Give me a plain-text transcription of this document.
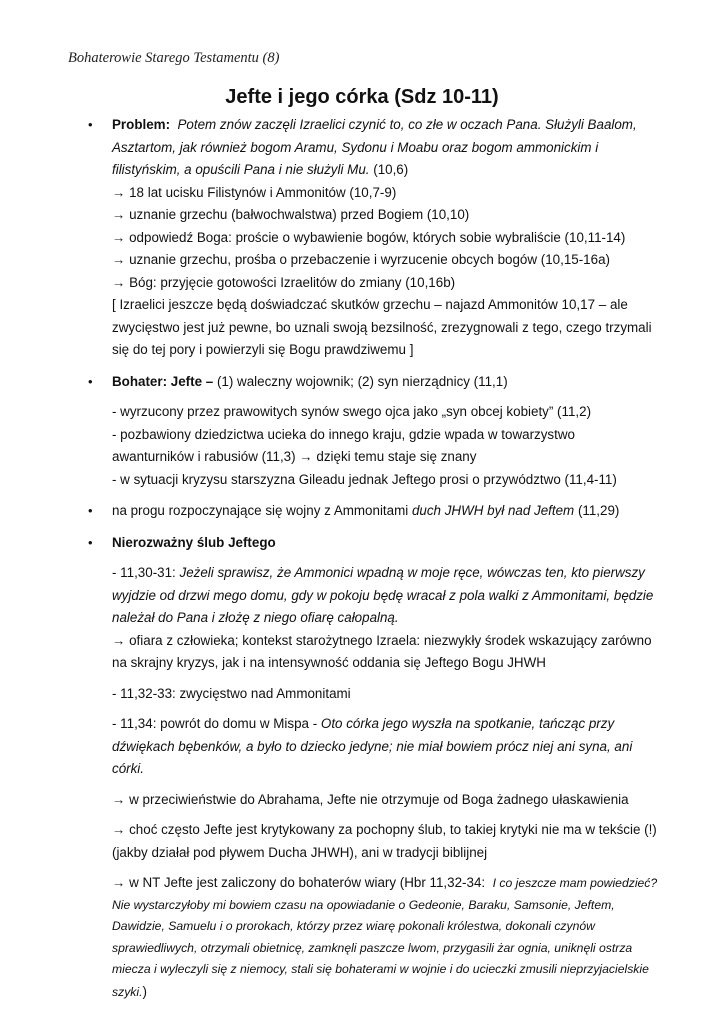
Bohaterowie Starego Testamentu (8)
Jefte i jego córka (Sdz 10-11)
• Problem: Potem znów zaczęli Izraelici czynić to, co złe w oczach Pana. Służyli Baalom,
Asztartom, jak również bogom Aramu, Sydonu i Moabu oraz bogom ammonickim i
filistyńskim, a opuścili Pana i nie służyli Mu. (10,6)
→ 18 lat ucisku Filistynów i Ammonitów (10,7-9)
→ uznanie grzechu (bałwochwalstwa) przed Bogiem (10,10)
→ odpowiedź Boga: proście o wybawienie bogów, których sobie wybraliście (10,11-14)
→ uznanie grzechu, prośba o przebaczenie i wyrzucenie obcych bogów (10,15-16a)
→ Bóg: przyjęcie gotowości Izraelitów do zmiany (10,16b)
[ Izraelici jeszcze będą doświadczać skutków grzechu – najazd Ammonitów 10,17 – ale
zwycięstwo jest już pewne, bo uznali swoją bezsilność, zrezygnowali z tego, czego trzymali
się do tej pory i powierzyli się Bogu prawdziwemu ]
• Bohater: Jefte – (1) waleczny wojownik; (2) syn nierządnicy (11,1)
- wyrzucony przez prawowitych synów swego ojca jako „syn obcej kobiety” (11,2)
- pozbawiony dziedzictwa ucieka do innego kraju, gdzie wpada w towarzystwo
awanturników i rabusiów (11,3) → dzięki temu staje się znany
- w sytuacji kryzysu starszyzna Gileadu jednak Jeftego prosi o przywództwo (11,4-11)
• na progu rozpoczynające się wojny z Ammonitami duch JHWH był nad Jeftem (11,29)
• Nierozważny ślub Jeftego
- 11,30-31: Jeżeli sprawisz, że Ammonici wpadną w moje ręce, wówczas ten, kto pierwszy
wyjdzie od drzwi mego domu, gdy w pokoju będę wracał z pola walki z Ammonitami, będzie
należał do Pana i złożę z niego ofiarę całopalną.
→ ofiara z człowieka; kontekst starożytnego Izraela: niezwykły środek wskazujący zarówno
na skrajny kryzys, jak i na intensywność oddania się Jeftego Bogu JHWH
- 11,32-33: zwycięstwo nad Ammonitami
- 11,34: powrót do domu w Mispa - Oto córka jego wyszła na spotkanie, tańcząc przy
dźwiękach bębenków, a było to dziecko jedyne; nie miał bowiem prócz niej ani syna, ani
córki.
→ w przeciwieństwie do Abrahama, Jefte nie otrzymuje od Boga żadnego ułaskawienia
→ choć często Jefte jest krytykowany za pochopny ślub, to takiej krytyki nie ma w tekście (!)
(jakby działał pod pływem Ducha JHWH), ani w tradycji biblijnej
→ w NT Jefte jest zaliczony do bohaterów wiary (Hbr 11,32-34: I co jeszcze mam powiedzieć?
Nie wystarczyłoby mi bowiem czasu na opowiadanie o Gedeonie, Baraku, Samsonie, Jeftem,
Dawidzie, Samuelu i o prorokach, którzy przez wiarę pokonali królestwa, dokonali czynów
sprawiedliwych, otrzymali obietnicę, zamknęli paszcze lwom, przygasili żar ognia, uniknęli ostrza
miecza i wyleczyli się z niemocy, stali się bohaterami w wojnie i do ucieczki zmusili nieprzyjacielskie
szyki.)
